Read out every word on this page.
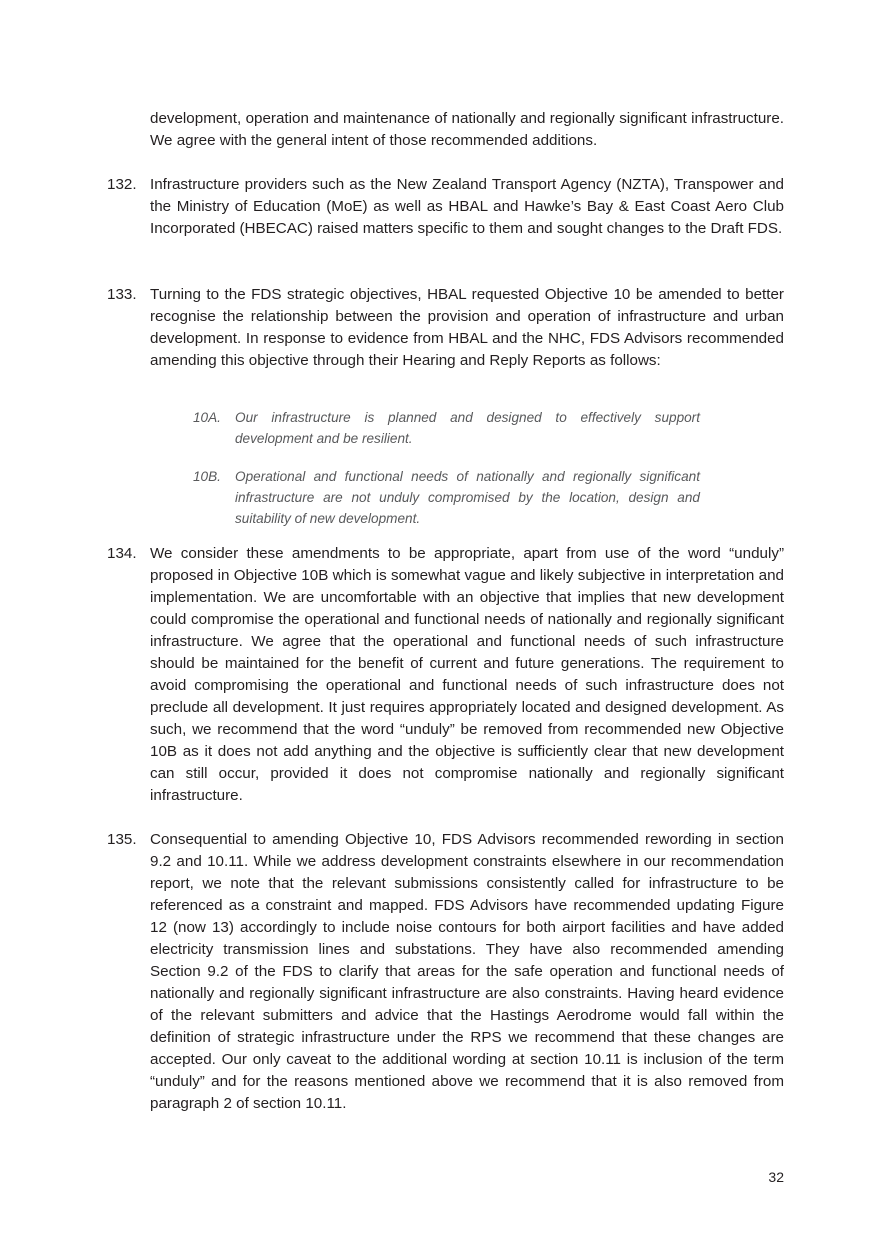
development, operation and maintenance of nationally and regionally significant infrastructure. We agree with the general intent of those recommended additions.

132. Infrastructure providers such as the New Zealand Transport Agency (NZTA), Transpower and the Ministry of Education (MoE) as well as HBAL and Hawke’s Bay & East Coast Aero Club Incorporated (HBECAC) raised matters specific to them and sought changes to the Draft FDS.

133. Turning to the FDS strategic objectives, HBAL requested Objective 10 be amended to better recognise the relationship between the provision and operation of infrastructure and urban development. In response to evidence from HBAL and the NHC, FDS Advisors recommended amending this objective through their Hearing and Reply Reports as follows:

10A. Our infrastructure is planned and designed to effectively support development and be resilient.

10B. Operational and functional needs of nationally and regionally significant infrastructure are not unduly compromised by the location, design and suitability of new development.

134. We consider these amendments to be appropriate, apart from use of the word “unduly” proposed in Objective 10B which is somewhat vague and likely subjective in interpretation and implementation. We are uncomfortable with an objective that implies that new development could compromise the operational and functional needs of nationally and regionally significant infrastructure. We agree that the operational and functional needs of such infrastructure should be maintained for the benefit of current and future generations. The requirement to avoid compromising the operational and functional needs of such infrastructure does not preclude all development. It just requires appropriately located and designed development. As such, we recommend that the word “unduly” be removed from recommended new Objective 10B as it does not add anything and the objective is sufficiently clear that new development can still occur, provided it does not compromise nationally and regionally significant infrastructure.

135. Consequential to amending Objective 10, FDS Advisors recommended rewording in section 9.2 and 10.11. While we address development constraints elsewhere in our recommendation report, we note that the relevant submissions consistently called for infrastructure to be referenced as a constraint and mapped. FDS Advisors have recommended updating Figure 12 (now 13) accordingly to include noise contours for both airport facilities and have added electricity transmission lines and substations. They have also recommended amending Section 9.2 of the FDS to clarify that areas for the safe operation and functional needs of nationally and regionally significant infrastructure are also constraints. Having heard evidence of the relevant submitters and advice that the Hastings Aerodrome would fall within the definition of strategic infrastructure under the RPS we recommend that these changes are accepted. Our only caveat to the additional wording at section 10.11 is inclusion of the term “unduly” and for the reasons mentioned above we recommend that it is also removed from paragraph 2 of section 10.11.

32
